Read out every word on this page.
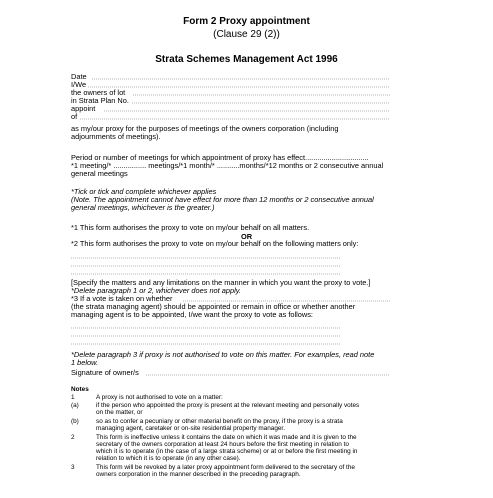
Form 2 Proxy appointment
(Clause 29 (2))
Strata Schemes Management Act 1996
Date
I/We
the owners of lot
in Strata Plan No.
appoint
of
as my/our proxy for the purposes of meetings of the owners corporation (including
adjournments of meetings).
Period or number of meetings for which appointment of proxy has effect...............................
*1 meeting/* ................ meetings/*1 month/* ...........months/*12 months or 2 consecutive annual
general meetings
*Tick or tick and complete whichever applies
(Note. The appointment cannot have effect for more than 12 months or 2 consecutive annual
general meetings, whichever is the greater.)
*1 This form authorises the proxy to vote on my/our behalf on all matters.
OR
*2 This form authorises the proxy to vote on my/our behalf on the following matters only:
[Specify the matters and any limitations on the manner in which you want the proxy to vote.]
*Delete paragraph 1 or 2, whichever does not apply.
*3 If a vote is taken on whether
(the strata managing agent) should be appointed or remain in office or whether another
managing agent is to be appointed, I/we want the proxy to vote as follows:
*Delete paragraph 3 if proxy is not authorised to vote on this matter. For examples, read note
1 below.
Signature of owner/s
Notes
1	A proxy is not authorised to vote on a matter:
(a)	if the person who appointed the proxy is present at the relevant meeting and personally votes
on the matter, or
(b)	so as to confer a pecuniary or other material benefit on the proxy, if the proxy is a strata
managing agent, caretaker or on-site residential property manager.
2	This form is ineffective unless it contains the date on which it was made and it is given to the
secretary of the owners corporation at least 24 hours before the first meeting in relation to
which it is to operate (in the case of a large strata scheme) or at or before the first meeting in
relation to which it is to operate (in any other case).
3	This form will be revoked by a later proxy appointment form delivered to the secretary of the
owners corporation in the manner described in the preceding paragraph.
